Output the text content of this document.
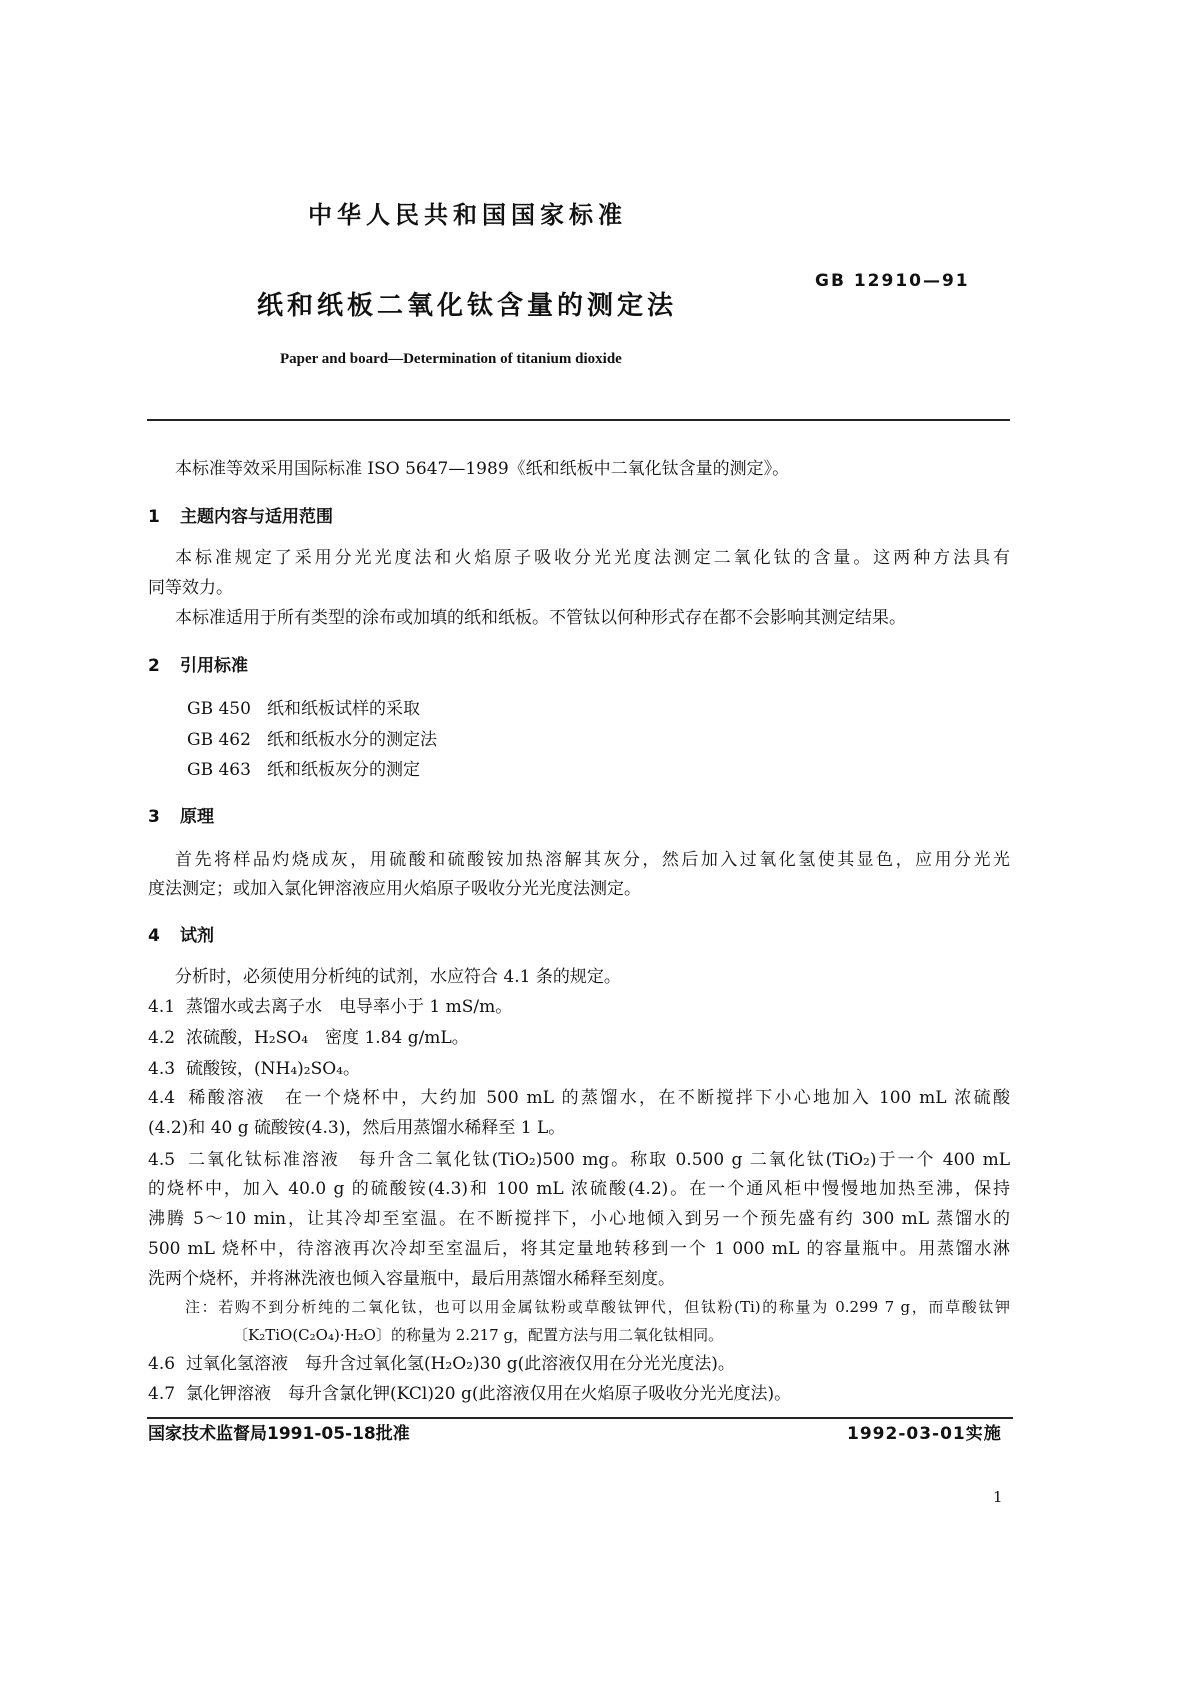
中华人民共和国国家标准
GB 12910—91
纸和纸板二氧化钛含量的测定法
Paper and board—Determination of titanium dioxide
本标准等效采用国际标准 ISO 5647—1989《纸和纸板中二氧化钛含量的测定》。
1 主题内容与适用范围
本标准规定了采用分光光度法和火焰原子吸收分光光度法测定二氧化钛的含量。这两种方法具有
同等效力。
本标准适用于所有类型的涂布或加填的纸和纸板。不管钛以何种形式存在都不会影响其测定结果。
2 引用标准
GB 450 纸和纸板试样的采取
GB 462 纸和纸板水分的测定法
GB 463 纸和纸板灰分的测定
3 原理
首先将样品灼烧成灰，用硫酸和硫酸铵加热溶解其灰分，然后加入过氧化氢使其显色，应用分光光
度法测定；或加入氯化钾溶液应用火焰原子吸收分光光度法测定。
4 试剂
分析时，必须使用分析纯的试剂，水应符合 4.1 条的规定。
4.1 蒸馏水或去离子水　电导率小于 1 mS/m。
4.2 浓硫酸，H₂SO₄　密度 1.84 g/mL。
4.3 硫酸铵，(NH₄)₂SO₄。
4.4 稀酸溶液　在一个烧杯中，大约加 500 mL 的蒸馏水，在不断搅拌下小心地加入 100 mL 浓硫酸
(4.2)和 40 g 硫酸铵(4.3)，然后用蒸馏水稀释至 1 L。
4.5 二氧化钛标准溶液　每升含二氧化钛(TiO₂)500 mg。称取 0.500 g 二氧化钛(TiO₂)于一个 400 mL
的烧杯中，加入 40.0 g 的硫酸铵(4.3)和 100 mL 浓硫酸(4.2)。在一个通风柜中慢慢地加热至沸，保持
沸腾 5～10 min，让其冷却至室温。在不断搅拌下，小心地倾入到另一个预先盛有约 300 mL 蒸馏水的
500 mL 烧杯中，待溶液再次冷却至室温后，将其定量地转移到一个 1 000 mL 的容量瓶中。用蒸馏水淋
洗两个烧杯，并将淋洗液也倾入容量瓶中，最后用蒸馏水稀释至刻度。
4.6 过氧化氢溶液　每升含过氧化氢(H₂O₂)30 g(此溶液仅用在分光光度法)。
4.7 氯化钾溶液　每升含氯化钾(KCl)20 g(此溶液仅用在火焰原子吸收分光光度法)。
注：若购不到分析纯的二氧化钛，也可以用金属钛粉或草酸钛钾代，但钛粉(Ti)的称量为 0.299 7 g，而草酸钛钾
〔K₂TiO(C₂O₄)·H₂O〕的称量为 2.217 g，配置方法与用二氧化钛相同。
国家技术监督局1991-05-18批准	1992-03-01实施
1
